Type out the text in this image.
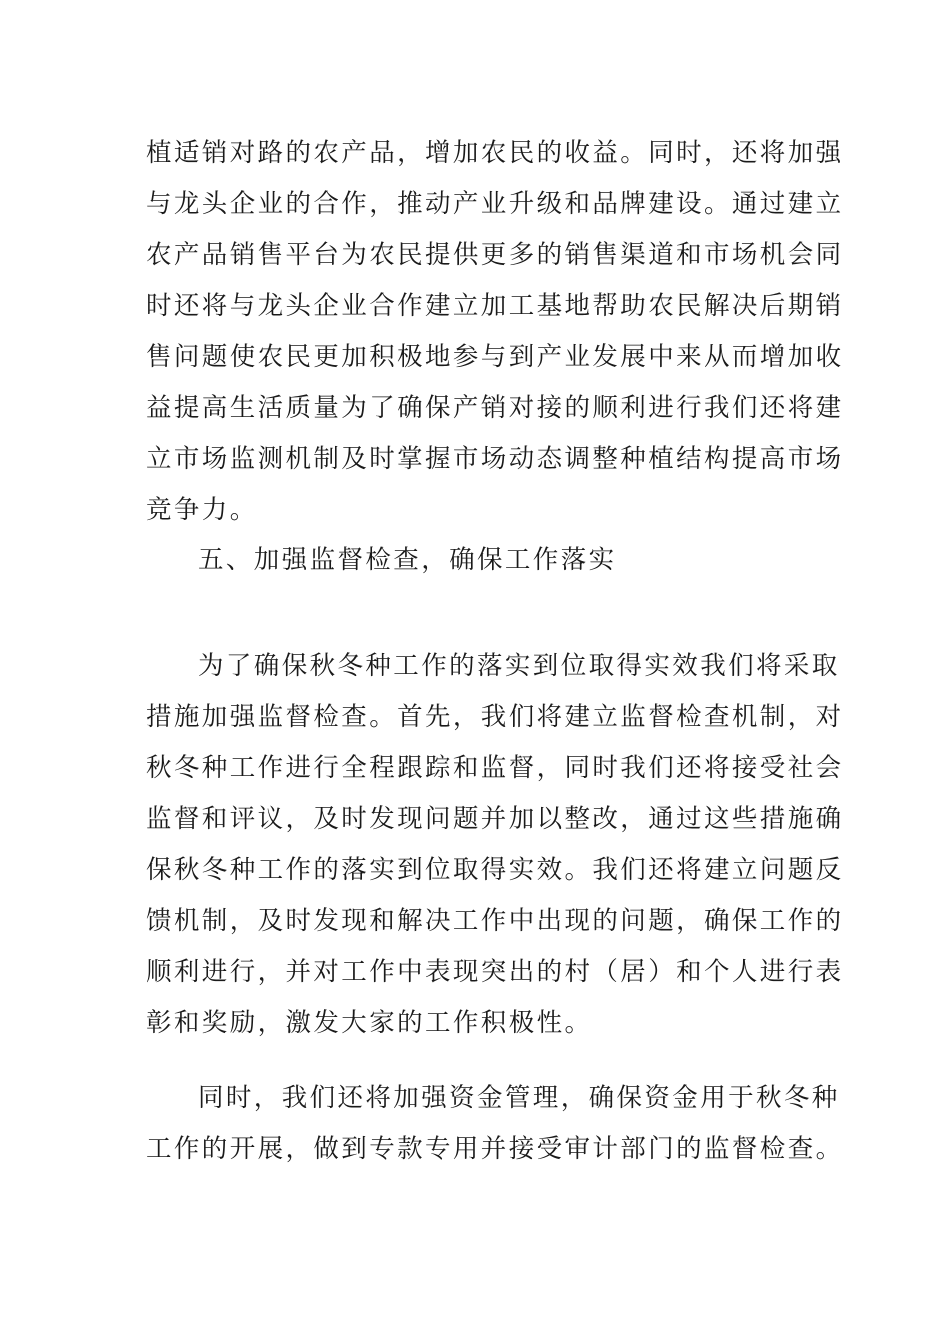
植适销对路的农产品，增加农民的收益。同时，还将加强
与龙头企业的合作，推动产业升级和品牌建设。通过建立
农产品销售平台为农民提供更多的销售渠道和市场机会同
时还将与龙头企业合作建立加工基地帮助农民解决后期销
售问题使农民更加积极地参与到产业发展中来从而增加收
益提高生活质量为了确保产销对接的顺利进行我们还将建
立市场监测机制及时掌握市场动态调整种植结构提高市场
竞争力。
五、加强监督检查，确保工作落实
为了确保秋冬种工作的落实到位取得实效我们将采取
措施加强监督检查。首先，我们将建立监督检查机制，对
秋冬种工作进行全程跟踪和监督，同时我们还将接受社会
监督和评议，及时发现问题并加以整改，通过这些措施确
保秋冬种工作的落实到位取得实效。我们还将建立问题反
馈机制，及时发现和解决工作中出现的问题，确保工作的
顺利进行，并对工作中表现突出的村（居）和个人进行表
彰和奖励，激发大家的工作积极性。
同时，我们还将加强资金管理，确保资金用于秋冬种
工作的开展，做到专款专用并接受审计部门的监督检查。
